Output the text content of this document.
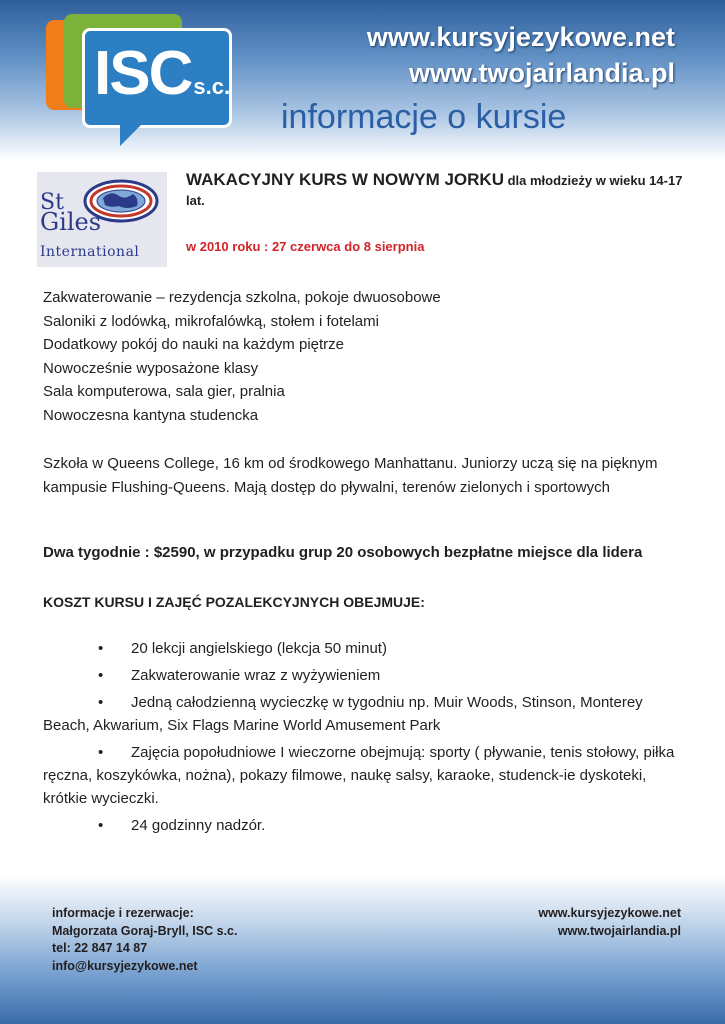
ISCs.c.
www.kursyjezykowe.net
www.twojairlandia.pl
informacje o kursie
St
Giles
International
WAKACYJNY KURS W NOWYM JORKU dla młodzieży w wieku 14-17 lat.
w 2010 roku : 27 czerwca do 8 sierpnia
Zakwaterowanie – rezydencja szkolna, pokoje dwuosobowe
Saloniki z lodówką, mikrofalówką, stołem i fotelami
Dodatkowy pokój do nauki na każdym piętrze
Nowocześnie wyposażone klasy
Sala komputerowa, sala gier, pralnia
Nowoczesna kantyna studencka
Szkoła w Queens College, 16 km od środkowego Manhattanu. Juniorzy uczą się na pięknym kampusie Flushing-Queens. Mają dostęp do pływalni, terenów zielonych i sportowych
Dwa tygodnie : $2590, w przypadku grup 20 osobowych bezpłatne miejsce dla lidera
KOSZT KURSU I ZAJĘĆ POZALEKCYJNYCH OBEJMUJE:
• 20 lekcji angielskiego (lekcja 50 minut)
• Zakwaterowanie wraz z wyżywieniem
• Jedną całodzienną wycieczkę w tygodniu np. Muir Woods, Stinson, Monterey Beach, Akwarium, Six Flags Marine World Amusement Park
• Zajęcia popołudniowe I wieczorne obejmują: sporty ( pływanie, tenis stołowy, piłka ręczna, koszykówka, nożna), pokazy filmowe, naukę salsy, karaoke, studenck-ie dyskoteki, krótkie wycieczki.
• 24 godzinny nadzór.
informacje i rezerwacje:
Małgorzata Goraj-Bryll, ISC s.c.
tel: 22 847 14 87
info@kursyjezykowe.net
www.kursyjezykowe.net
www.twojairlandia.pl
